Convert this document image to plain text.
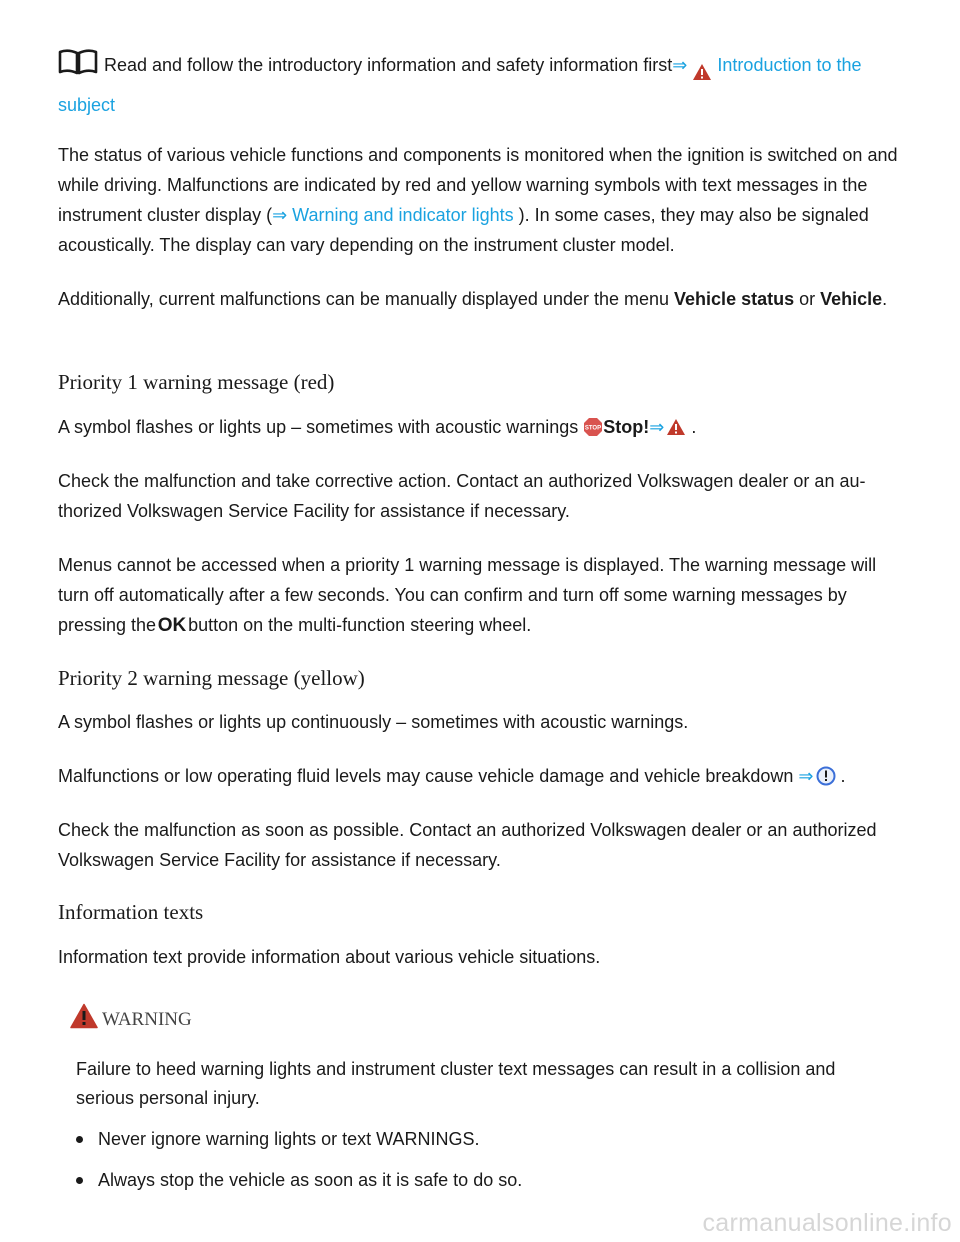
Read and follow the introductory information and safety information first⇒ Introduction to the
subject

The status of various vehicle functions and components is monitored when the ignition is switched on and while driving. Malfunctions are indicated by red and yellow warning symbols with text messages in the instrument cluster display (⇒ Warning and indicator lights ). In some cases, they may also be signaled acoustically. The display can vary depending on the instrument cluster model.

Additionally, current malfunctions can be manually displayed under the menu Vehicle status or Vehicle.

Priority 1 warning message (red)

A symbol flashes or lights up – sometimes with acoustic warnings STOP Stop!⇒ .

Check the malfunction and take corrective action. Contact an authorized Volkswagen dealer or an authorized Volkswagen Service Facility for assistance if necessary.

Menus cannot be accessed when a priority 1 warning message is displayed. The warning message will turn off automatically after a few seconds. You can confirm and turn off some warning messages by pressing the
OK
button on the multi-function steering wheel.

Priority 2 warning message (yellow)

A symbol flashes or lights up continuously – sometimes with acoustic warnings.

Malfunctions or low operating fluid levels may cause vehicle damage and vehicle breakdown ⇒ .

Check the malfunction as soon as possible. Contact an authorized Volkswagen dealer or an authorized Volkswagen Service Facility for assistance if necessary.

Information texts

Information text provide information about various vehicle situations.

WARNING

Failure to heed warning lights and instrument cluster text messages can result in a collision and serious personal injury.

Never ignore warning lights or text WARNINGS.
Always stop the vehicle as soon as it is safe to do so.
carmanualsonline.info
